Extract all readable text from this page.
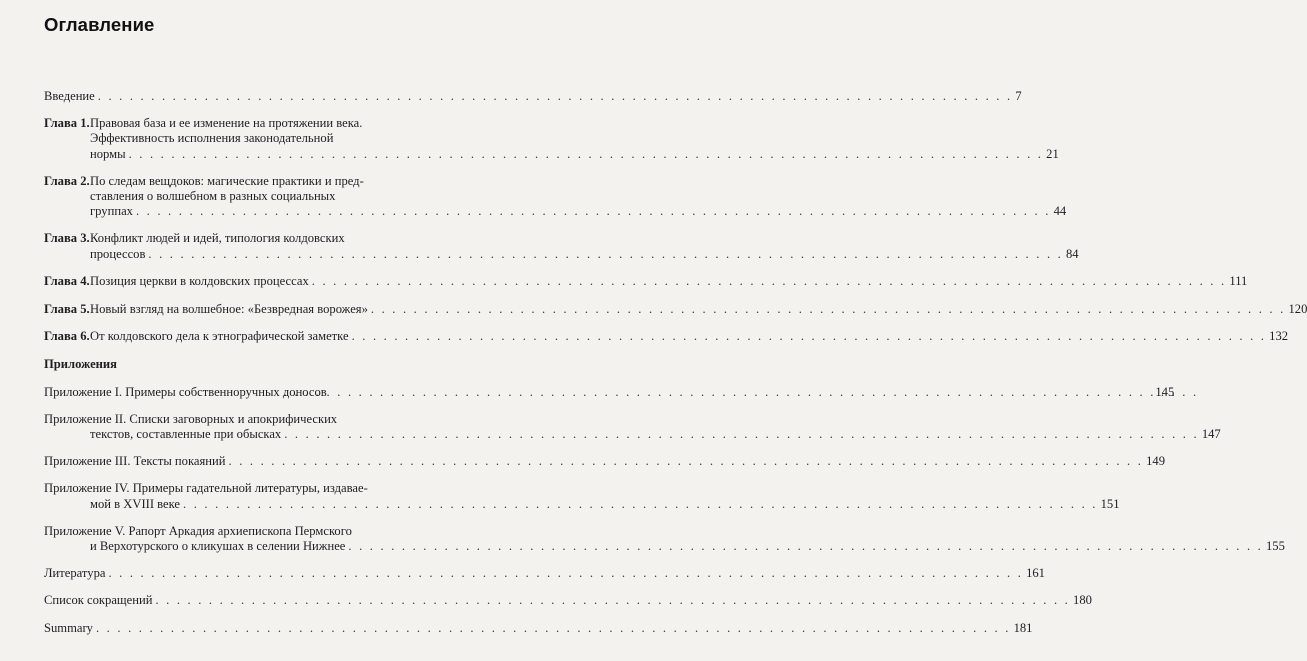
Оглавление
Введение . . .	7
Глава 1. Правовая база и ее изменение на протяжении века.
Эффективность исполнения законодательной
нормы . . .	21
Глава 2. По следам вещдоков: магические практики и пред-
ставления о волшебном в разных социальных
группах . . .	44
Глава 3. Конфликт людей и идей, типология колдовских
процессов . . .	84
Глава 4. Позиция церкви в колдовских процессах . . .	111
Глава 5. Новый взгляд на волшебное: «Безвредная ворожея» . . .	120
Глава 6. От колдовского дела к этнографической заметке . . .	132
Приложения
Приложение I. Примеры собственноручных доносов . . .	145
Приложение II. Списки заговорных и апокрифических
текстов, составленные при обысках . . .	147
Приложение III. Тексты покаяний . . .	149
Приложение IV. Примеры гадательной литературы, издавае-
мой в XVIII веке . . .	151
Приложение V. Рапорт Аркадия архиепископа Пермского
и Верхотурского о кликушах в селении Нижнее . . .	155
Литература . . .	161
Список сокращений . . .	180
Summary . . .	181
